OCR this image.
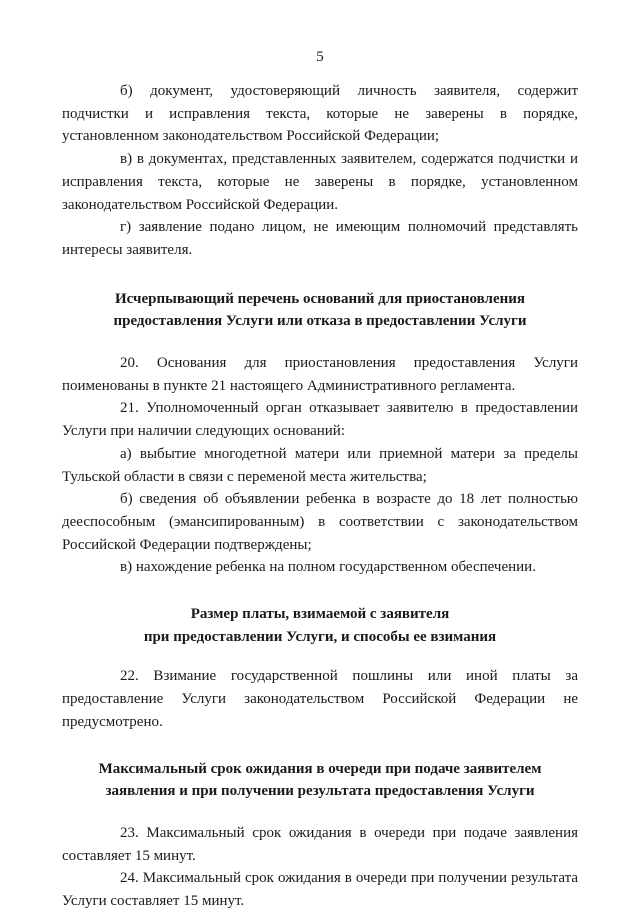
5

б) документ, удостоверяющий личность заявителя, содержит подчистки и исправления текста, которые не заверены в порядке, установленном законодательством Российской Федерации;

в) в документах, представленных заявителем, содержатся подчистки и исправления текста, которые не заверены в порядке, установленном законодательством Российской Федерации.

г) заявление подано лицом, не имеющим полномочий представлять интересы заявителя.

Исчерпывающий перечень оснований для приостановления
предоставления Услуги или отказа в предоставлении Услуги

20. Основания для приостановления предоставления Услуги поименованы в пункте 21 настоящего Административного регламента.

21. Уполномоченный орган отказывает заявителю в предоставлении Услуги при наличии следующих оснований:

а) выбытие многодетной матери или приемной матери за пределы Тульской области в связи с переменой места жительства;

б) сведения об объявлении ребенка в возрасте до 18 лет полностью дееспособным (эмансипированным) в соответствии с законодательством Российской Федерации подтверждены;

в) нахождение ребенка на полном государственном обеспечении.

Размер платы, взимаемой с заявителя
при предоставлении Услуги, и способы ее взимания

22. Взимание государственной пошлины или иной платы за предоставление Услуги законодательством Российской Федерации не предусмотрено.

Максимальный срок ожидания в очереди при подаче заявителем
заявления и при получении результата предоставления Услуги

23. Максимальный срок ожидания в очереди при подаче заявления составляет 15 минут.

24. Максимальный срок ожидания в очереди при получении результата Услуги составляет 15 минут.
